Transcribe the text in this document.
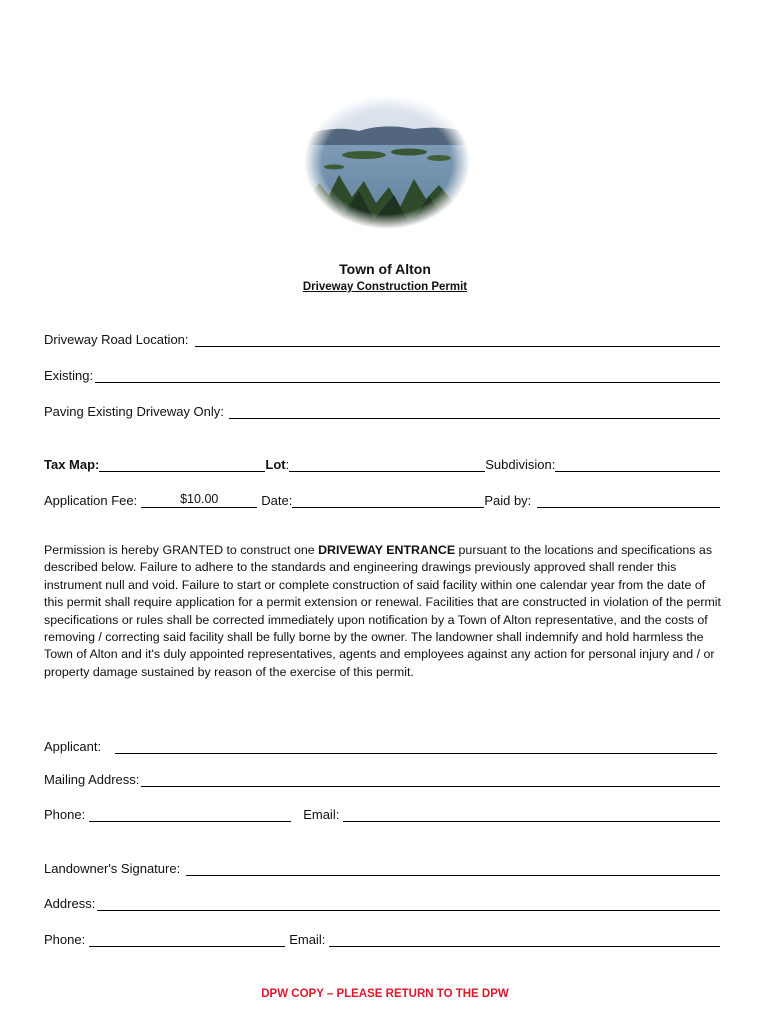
Town of Alton
Driveway Construction Permit
Driveway Road Location:
Existing:
Paving Existing Driveway Only:
Tax Map:	Lot :	Subdivision:
Application Fee:	$10.00	Date:	Paid by:

Permission is hereby GRANTED to construct one DRIVEWAY ENTRANCE pursuant to the locations and specifications as described below. Failure to adhere to the standards and engineering drawings previously approved shall render this instrument null and void. Failure to start or complete construction of said facility within one calendar year from the date of this permit shall require application for a permit extension or renewal. Facilities that are constructed in violation of the permit specifications or rules shall be corrected immediately upon notification by a Town of Alton representative, and the costs of removing / correcting said facility shall be fully borne by the owner. The landowner shall indemnify and hold harmless the Town of Alton and it's duly appointed representatives, agents and employees against any action for personal injury and / or property damage sustained by reason of the exercise of this permit.

Applicant:
Mailing Address:
Phone:	Email:
Landowner's Signature:
Address:
Phone:	Email:
DPW COPY – PLEASE RETURN TO THE DPW
